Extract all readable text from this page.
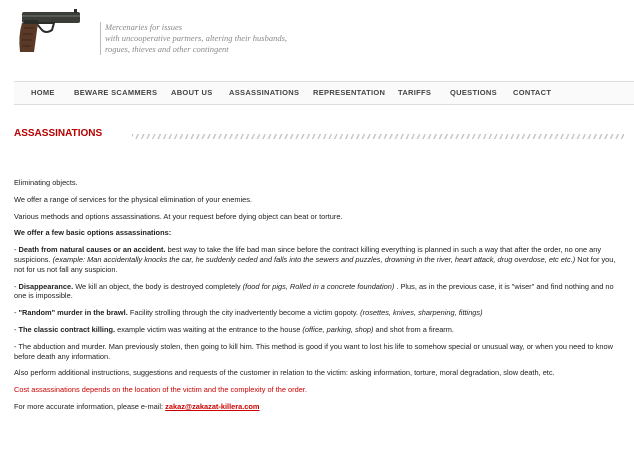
Mercenaries for issues
with uncooperative partners, altering their husbands,
rogues, thieves and other contingent
HOME	BEWARE SCAMMERS ABOUT US ASSASSINATIONS REPRESENTATION TARIFFS	QUESTIONS CONTACT
ASSASSINATIONS

Eliminating objects.

We offer a range of services for the physical elimination of your enemies.

Various methods and options assassinations. At your request before dying object can beat or torture.

We offer a few basic options assassinations:

- Death from natural causes or an accident. best way to take the life bad man since before the contract killing everything is planned in such a way that after the order, no one any suspicions. (example: Man accidentally knocks the car, he suddenly ceded and falls into the sewers and puzzles, drowning in the river, heart attack, drug overdose, etc etc.) Not for you, not for us not fall any suspicion.

- Disappearance. We kill an object, the body is destroyed completely (food for pigs, Rolled in a concrete foundation) . Plus, as in the previous case, it is "wiser" and find nothing and no one is impossible.

- "Random" murder in the brawl. Facility strolling through the city inadvertently become a victim gopoty. (rosettes, knives, sharpening, fittings)

- The classic contract killing. example victim was waiting at the entrance to the house (office, parking, shop) and shot from a firearm.

- The abduction and murder. Man previously stolen, then going to kill him. This method is good if you want to lost his life to somehow special or unusual way, or when you need to know before death any information.

Also perform additional instructions, suggestions and requests of the customer in relation to the victim: asking information, torture, moral degradation, slow death, etc.

Cost assassinations depends on the location of the victim and the complexity of the order.

For more accurate information, please e-mail: zakaz@zakazat-killera.com
